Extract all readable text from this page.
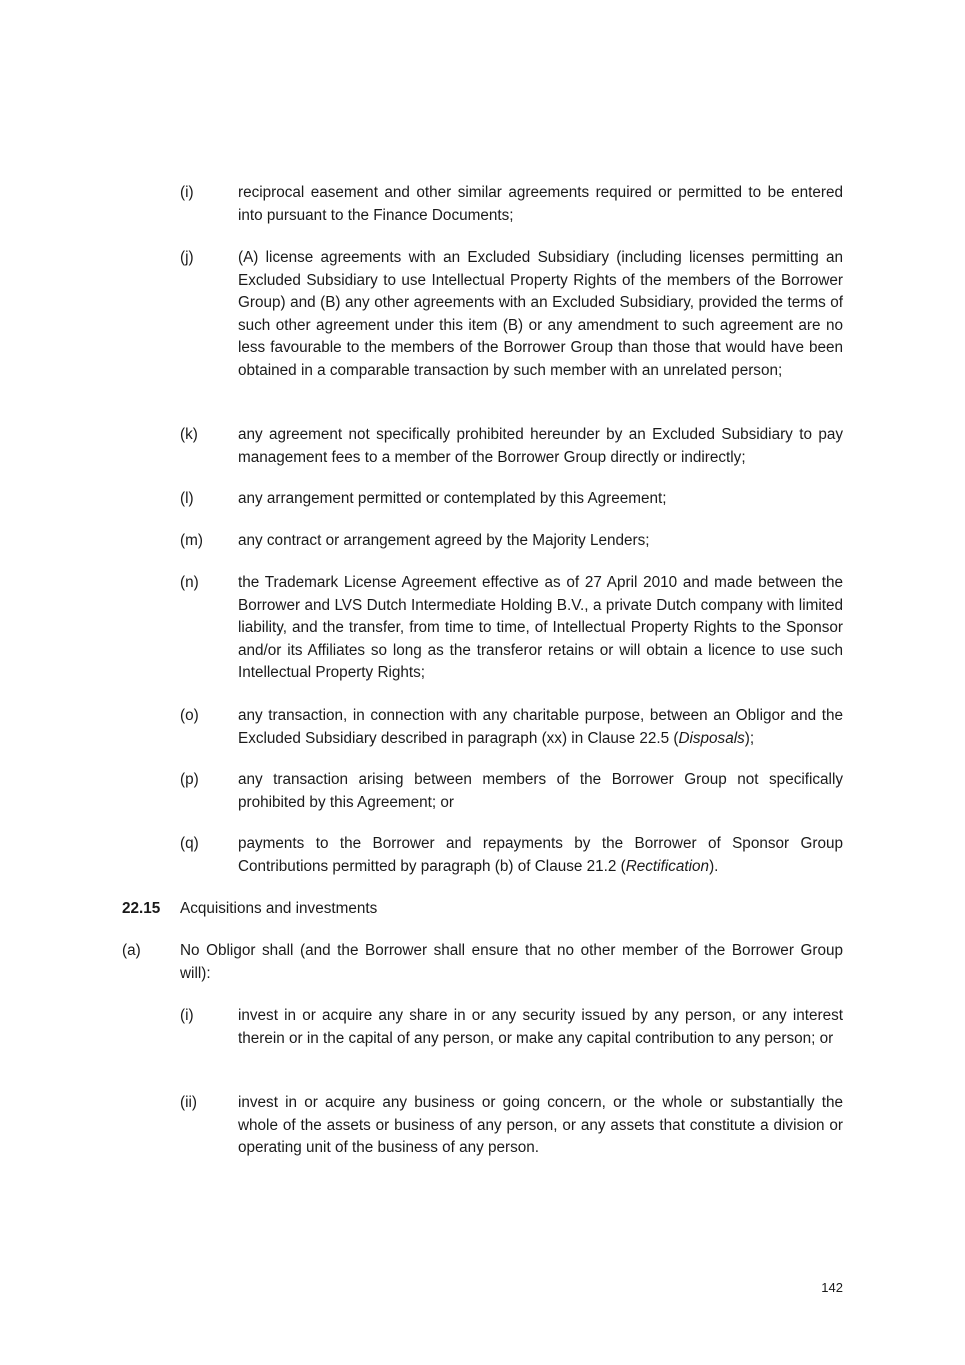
(i)	reciprocal easement and other similar agreements required or permitted to be entered into pursuant to the Finance Documents;
(j)	(A) license agreements with an Excluded Subsidiary (including licenses permitting an Excluded Subsidiary to use Intellectual Property Rights of the members of the Borrower Group) and (B) any other agreements with an Excluded Subsidiary, provided the terms of such other agreement under this item (B) or any amendment to such agreement are no less favourable to the members of the Borrower Group than those that would have been obtained in a comparable transaction by such member with an unrelated person;
(k)	any agreement not specifically prohibited hereunder by an Excluded Subsidiary to pay management fees to a member of the Borrower Group directly or indirectly;
(l)	any arrangement permitted or contemplated by this Agreement;
(m) any contract or arrangement agreed by the Majority Lenders;
(n)	the Trademark License Agreement effective as of 27 April 2010 and made between the Borrower and LVS Dutch Intermediate Holding B.V., a private Dutch company with limited liability, and the transfer, from time to time, of Intellectual Property Rights to the Sponsor and/or its Affiliates so long as the transferor retains or will obtain a licence to use such Intellectual Property Rights;
(o)	any transaction, in connection with any charitable purpose, between an Obligor and the Excluded Subsidiary described in paragraph (xx) in Clause 22.5 (Disposals);
(p)	any transaction arising between members of the Borrower Group not specifically prohibited by this Agreement; or
(q)	payments to the Borrower and repayments by the Borrower of Sponsor Group Contributions permitted by paragraph (b) of Clause 21.2 (Rectification).
22.15 Acquisitions and investments
(a)	No Obligor shall (and the Borrower shall ensure that no other member of the Borrower Group will):
(i)	invest in or acquire any share in or any security issued by any person, or any interest therein or in the capital of any person, or make any capital contribution to any person; or
(ii)	invest in or acquire any business or going concern, or the whole or substantially the whole of the assets or business of any person, or any assets that constitute a division or operating unit of the business of any person.
142
